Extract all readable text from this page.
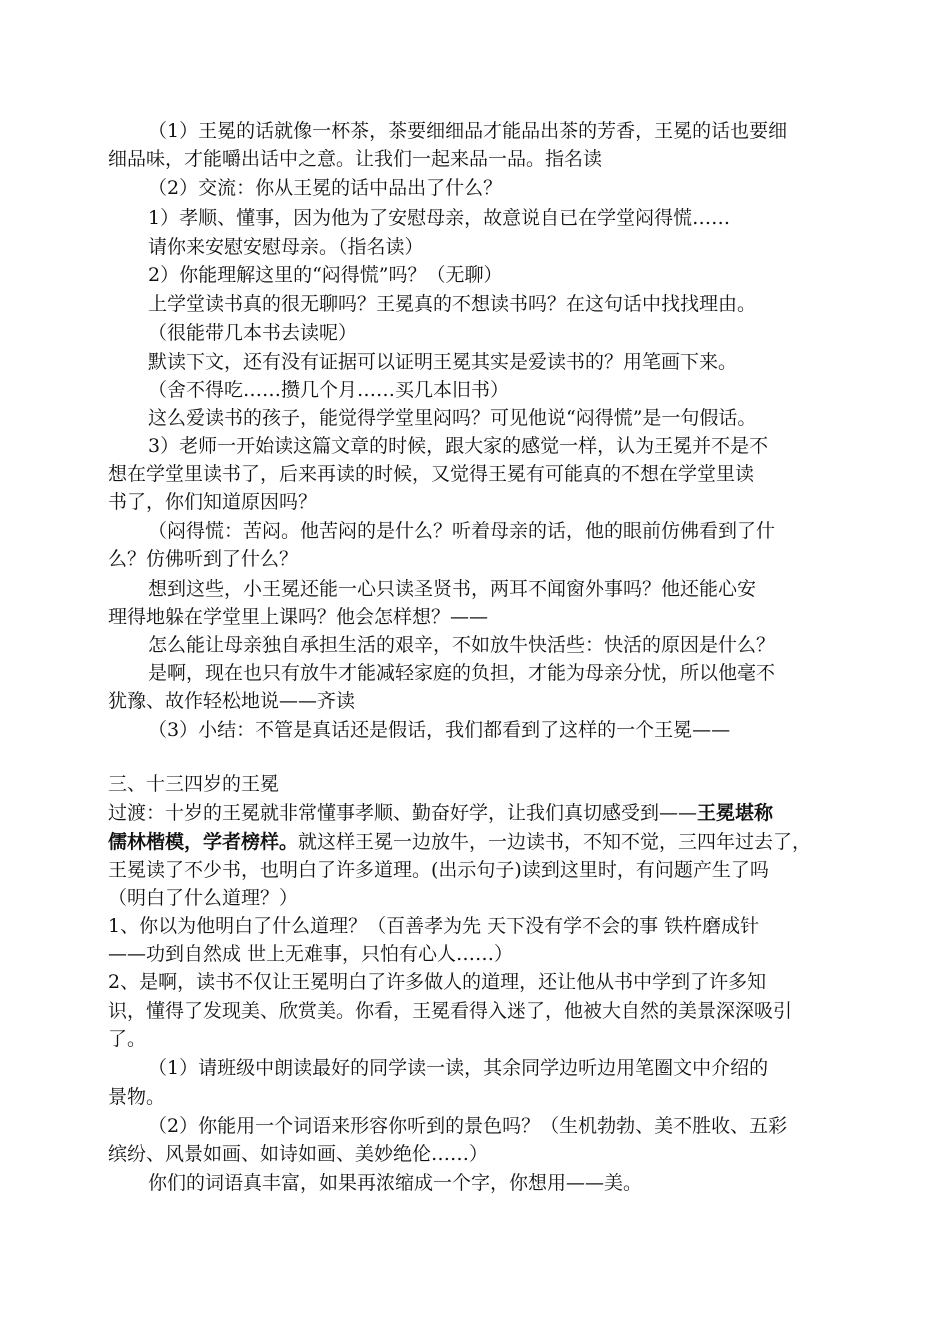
（1）王冕的话就像一杯茶，茶要细细品才能品出茶的芳香，王冕的话也要细
细品味，才能嚼出话中之意。让我们一起来品一品。指名读
（2）交流：你从王冕的话中品出了什么？
1）孝顺、懂事，因为他为了安慰母亲，故意说自已在学堂闷得慌……
请你来安慰安慰母亲。（指名读）
2）你能理解这里的“闷得慌”吗？（无聊）
上学堂读书真的很无聊吗？王冕真的不想读书吗？在这句话中找找理由。
（很能带几本书去读呢）
默读下文，还有没有证据可以证明王冕其实是爱读书的？用笔画下来。
（舍不得吃……攒几个月……买几本旧书）
这么爱读书的孩子，能觉得学堂里闷吗？可见他说“闷得慌”是一句假话。
3）老师一开始读这篇文章的时候，跟大家的感觉一样，认为王冕并不是不
想在学堂里读书了，后来再读的时候，又觉得王冕有可能真的不想在学堂里读
书了，你们知道原因吗？
（闷得慌：苦闷。他苦闷的是什么？听着母亲的话，他的眼前仿佛看到了什
么？仿佛听到了什么？
想到这些，小王冕还能一心只读圣贤书，两耳不闻窗外事吗？他还能心安
理得地躲在学堂里上课吗？他会怎样想？——
怎么能让母亲独自承担生活的艰辛，不如放牛快活些：快活的原因是什么？
是啊，现在也只有放牛才能减轻家庭的负担，才能为母亲分忧，所以他毫不
犹豫、故作轻松地说——齐读
（3）小结：不管是真话还是假话，我们都看到了这样的一个王冕——
三、十三四岁的王冕
过渡：十岁的王冕就非常懂事孝顺、勤奋好学，让我们真切感受到——王冕堪称
儒林楷模，学者榜样。就这样王冕一边放牛，一边读书，不知不觉，三四年过去了，
王冕读了不少书，也明白了许多道理。(出示句子)读到这里时，有问题产生了吗
（明白了什么道理？）
1、你以为他明白了什么道理？（百善孝为先 天下没有学不会的事 铁杵磨成针
——功到自然成 世上无难事，只怕有心人……）
2、是啊，读书不仅让王冕明白了许多做人的道理，还让他从书中学到了许多知
识，懂得了发现美、欣赏美。你看，王冕看得入迷了，他被大自然的美景深深吸引
了。
（1）请班级中朗读最好的同学读一读，其余同学边听边用笔圈文中介绍的
景物。
（2）你能用一个词语来形容你听到的景色吗？（生机勃勃、美不胜收、五彩
缤纷、风景如画、如诗如画、美妙绝伦……）
你们的词语真丰富，如果再浓缩成一个字，你想用——美。
